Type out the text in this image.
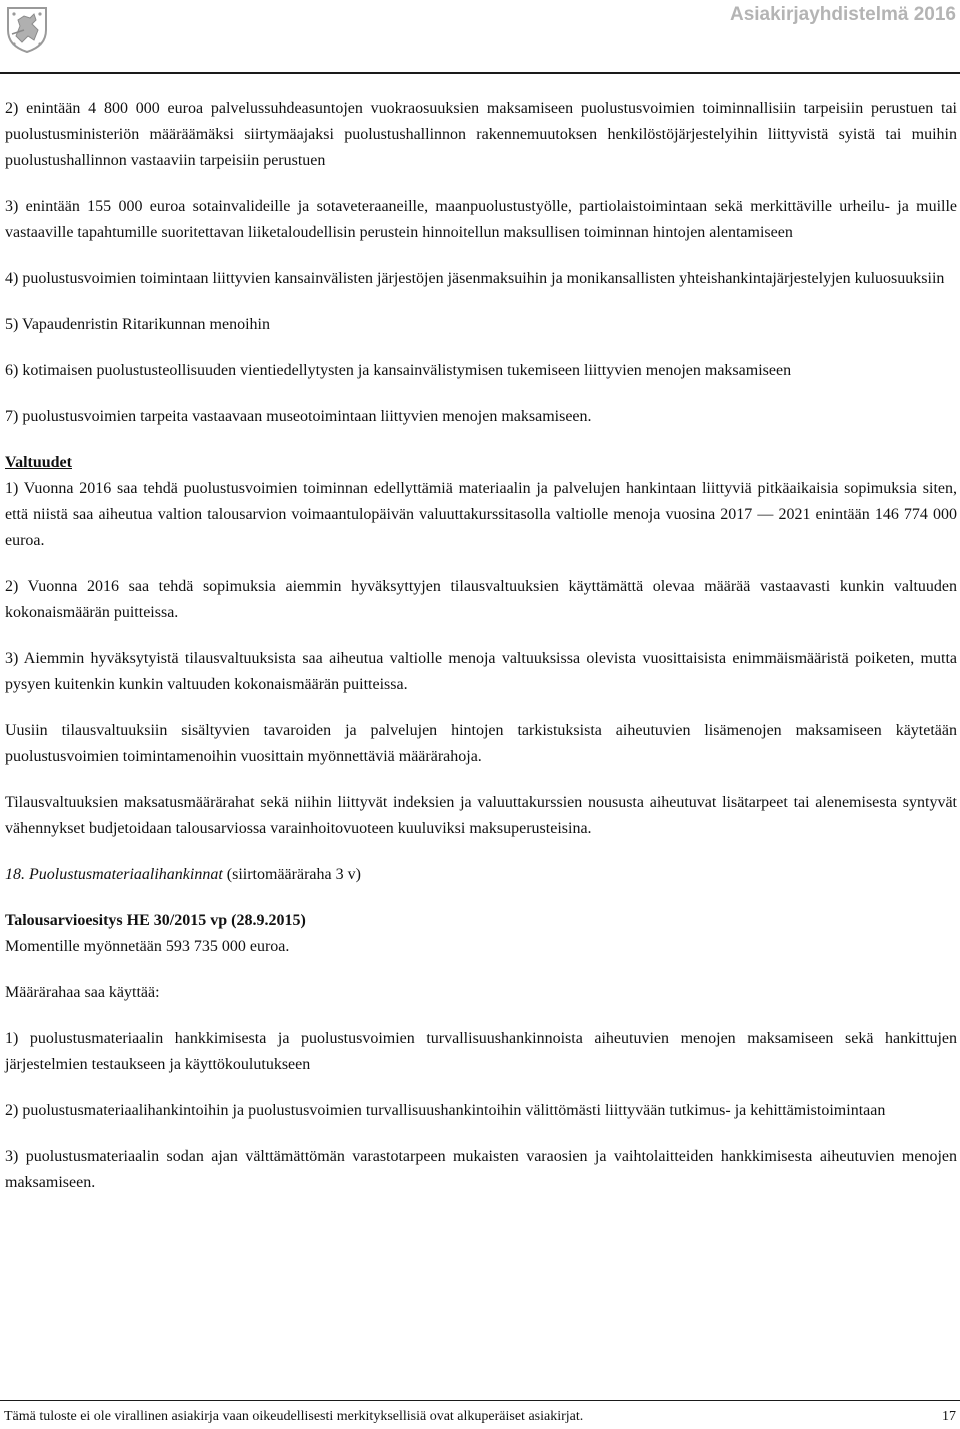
Asiakirjayhdistelmä 2016

2) enintään 4 800 000 euroa palvelussuhdeasuntojen vuokraosuuksien maksamiseen puolustusvoimien toiminnallisiin tarpeisiin perustuen tai puolustusministeriön määräämäksi siirtymäajaksi puolustushallinnon rakennemuutoksen henkilöstöjärjestelyihin liittyvistä syistä tai muihin puolustushallinnon vastaaviin tarpeisiin perustuen

3) enintään 155 000 euroa sotainvalideille ja sotaveteraaneille, maanpuolustustyölle, partiolaistoimintaan sekä merkittäville urheilu- ja muille vastaaville tapahtumille suoritettavan liiketaloudellisin perustein hinnoitellun maksullisen toiminnan hintojen alentamiseen

4) puolustusvoimien toimintaan liittyvien kansainvälisten järjestöjen jäsenmaksuihin ja monikansallisten yhteishankintajärjestelyjen kuluosuuksiin

5) Vapaudenristin Ritarikunnan menoihin

6) kotimaisen puolustusteollisuuden vientiedellytysten ja kansainvälistymisen tukemiseen liittyvien menojen maksamiseen

7) puolustusvoimien tarpeita vastaavaan museotoimintaan liittyvien menojen maksamiseen.

Valtuudet

1) Vuonna 2016 saa tehdä puolustusvoimien toiminnan edellyttämiä materiaalin ja palvelujen hankintaan liittyviä pitkäaikaisia sopimuksia siten, että niistä saa aiheutua valtion talousarvion voimaantulopäivän valuuttakurssitasolla valtiolle menoja vuosina 2017 — 2021 enintään 146 774 000 euroa.

2) Vuonna 2016 saa tehdä sopimuksia aiemmin hyväksyttyjen tilausvaltuuksien käyttämättä olevaa määrää vastaavasti kunkin valtuuden kokonaismäärän puitteissa.

3) Aiemmin hyväksytyistä tilausvaltuuksista saa aiheutua valtiolle menoja valtuuksissa olevista vuosittaisista enimmäismääristä poiketen, mutta pysyen kuitenkin kunkin valtuuden kokonaismäärän puitteissa.

Uusiin tilausvaltuuksiin sisältyvien tavaroiden ja palvelujen hintojen tarkistuksista aiheutuvien lisämenojen maksamiseen käytetään puolustusvoimien toimintamenoihin vuosittain myönnettäviä määrärahoja.

Tilausvaltuuksien maksatusmäärärahat sekä niihin liittyvät indeksien ja valuuttakurssien noususta aiheutuvat lisätarpeet tai alenemisesta syntyvät vähennykset budjetoidaan talousarviossa varainhoitovuoteen kuuluviksi maksuperusteisina.

18. Puolustusmateriaalihankinnat (siirtomääräraha 3 v)

Talousarvioesitys HE 30/2015 vp (28.9.2015)

Momentille myönnetään 593 735 000 euroa.

Määrärahaa saa käyttää:

1) puolustusmateriaalin hankkimisesta ja puolustusvoimien turvallisuushankinnoista aiheutuvien menojen maksamiseen sekä hankittujen järjestelmien testaukseen ja käyttökoulutukseen

2) puolustusmateriaalihankintoihin ja puolustusvoimien turvallisuushankintoihin välittömästi liittyvään tutkimus- ja kehittämistoimintaan

3) puolustusmateriaalin sodan ajan välttämättömän varastotarpeen mukaisten varaosien ja vaihtolaitteiden hankkimisesta aiheutuvien menojen maksamiseen.

Tämä tuloste ei ole virallinen asiakirja vaan oikeudellisesti merkityksellisiä ovat alkuperäiset asiakirjat.	17
